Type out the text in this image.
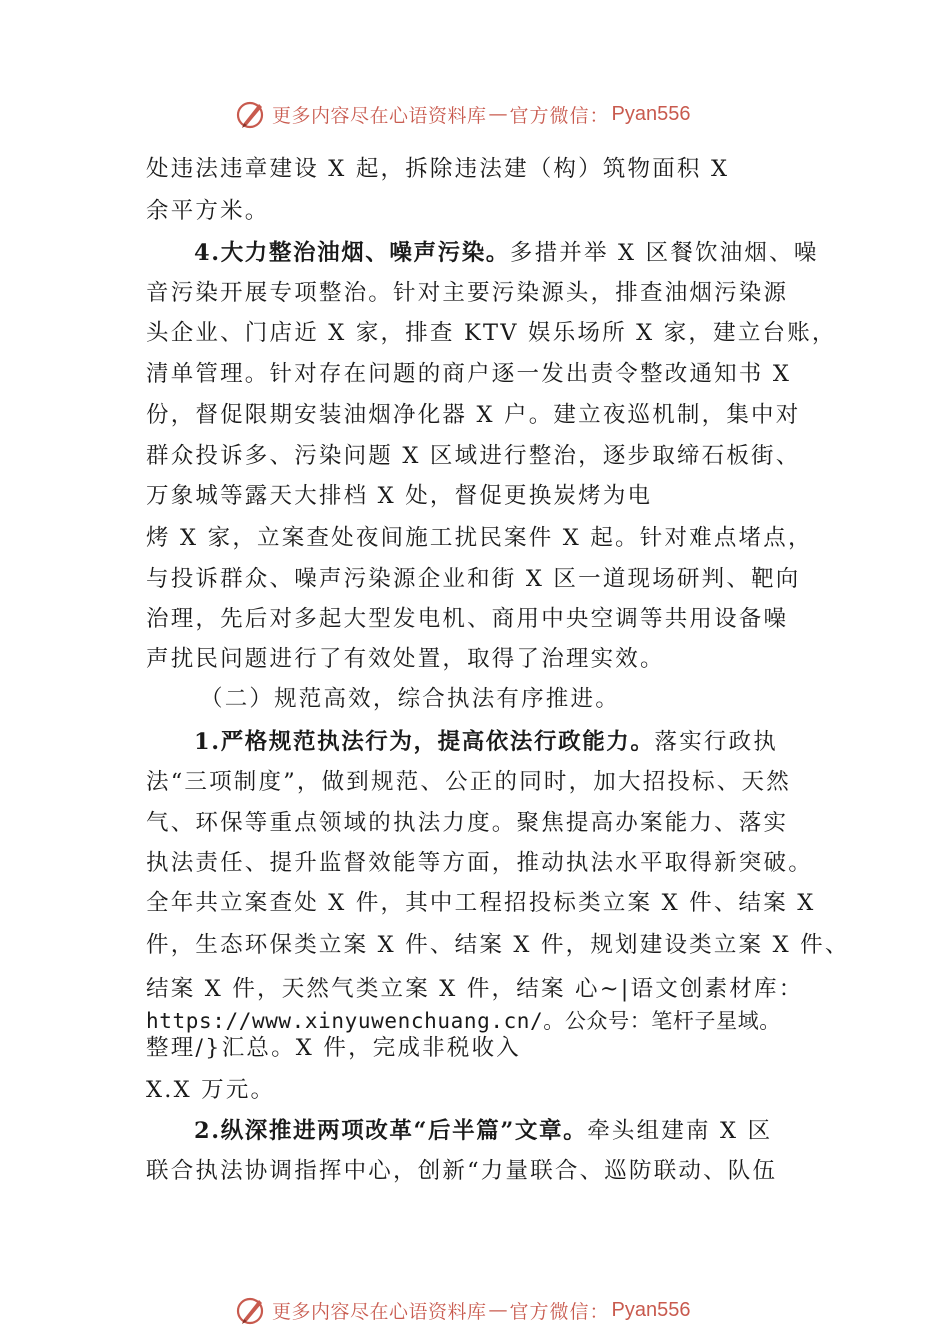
更多内容尽在心语资料库 — 官方微信： Pyan556
处违法违章建设 X 起，拆除违法建（构）筑物面积 X
余平方米。
4.大力整治油烟、噪声污染。多措并举 X 区餐饮油烟、噪
音污染开展专项整治。针对主要污染源头，排查油烟污染源
头企业、门店近 X 家，排查 KTV 娱乐场所 X 家，建立台账，
清单管理。针对存在问题的商户逐一发出责令整改通知书 X
份，督促限期安装油烟净化器 X 户。建立夜巡机制，集中对
群众投诉多、污染问题 X 区域进行整治，逐步取缔石板街、
万象城等露天大排档 X 处，督促更换炭烤为电
烤 X 家，立案查处夜间施工扰民案件 X 起。针对难点堵点，
与投诉群众、噪声污染源企业和街 X 区一道现场研判、靶向
治理，先后对多起大型发电机、商用中央空调等共用设备噪
声扰民问题进行了有效处置，取得了治理实效。
（二）规范高效，综合执法有序推进。
1.严格规范执法行为，提高依法行政能力。落实行政执
法“三项制度”，做到规范、公正的同时，加大招投标、天然
气、环保等重点领域的执法力度。聚焦提高办案能力、落实
执法责任、提升监督效能等方面，推动执法水平取得新突破。
全年共立案查处 X 件，其中工程招投标类立案 X 件、结案 X
件，生态环保类立案 X 件、结案 X 件，规划建设类立案 X 件、
结案 X 件，天然气类立案 X 件，结案 心~|语文创素材库：
https://www.xinyuwenchuang.cn/。公众号：笔杆子星域。
整理/}汇总。X 件，完成非税收入
X.X 万元。
2.纵深推进两项改革“后半篇”文章。牵头组建南 X 区
联合执法协调指挥中心，创新“力量联合、巡防联动、队伍
更多内容尽在心语资料库 — 官方微信： Pyan556
